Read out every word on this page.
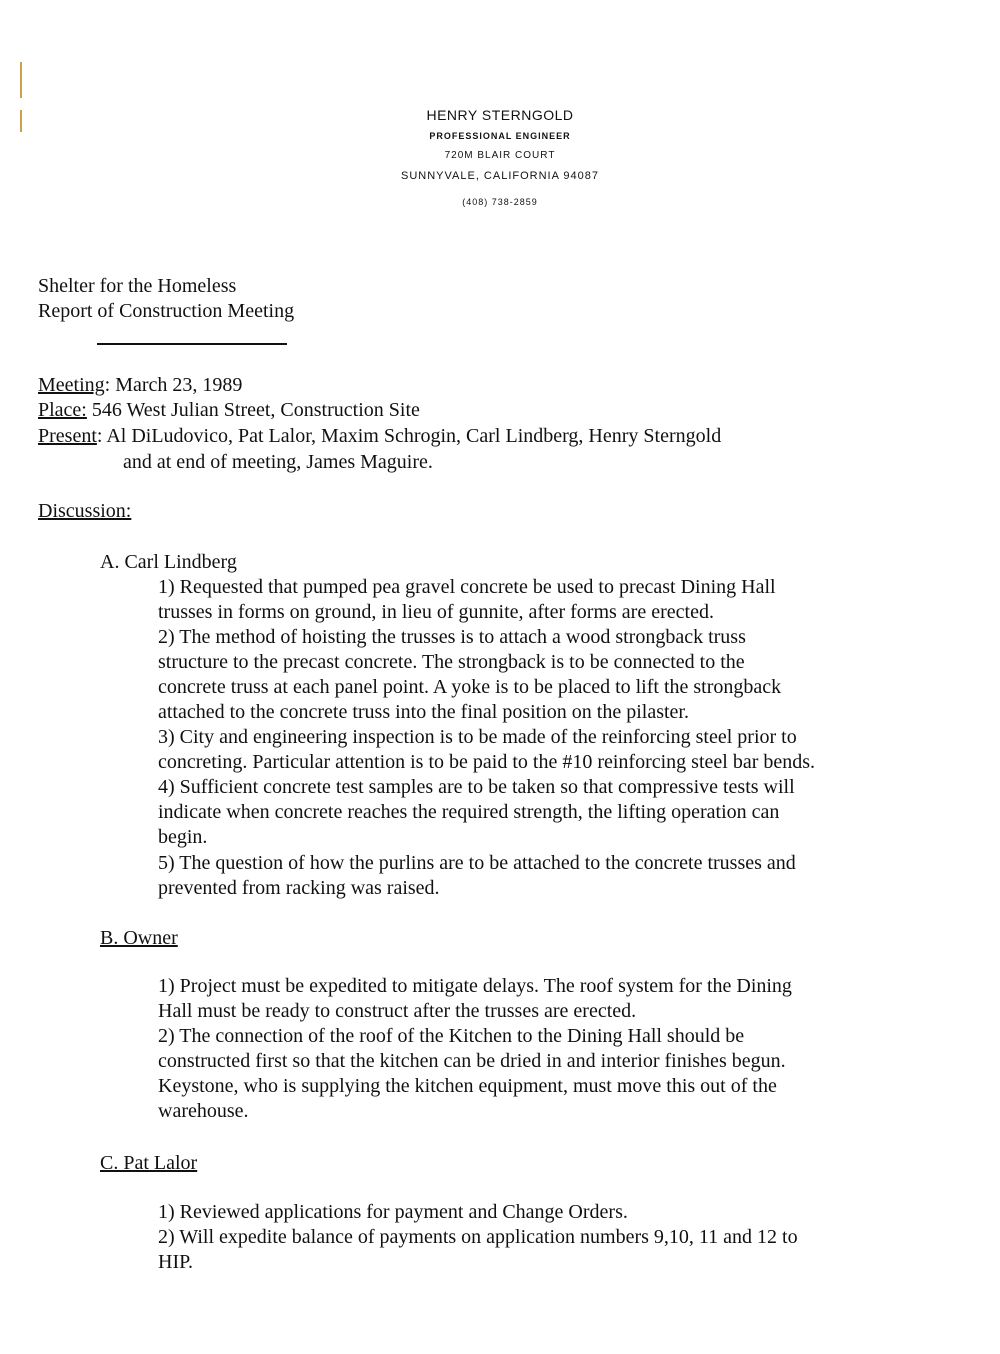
HENRY STERNGOLD
PROFESSIONAL ENGINEER
720M BLAIR COURT
SUNNYVALE, CALIFORNIA 94087
(408) 738-2859
Shelter for the Homeless
Report of Construction Meeting
Meeting: March 23, 1989
Place: 546 West Julian Street, Construction Site
Present: Al DiLudovico, Pat Lalor, Maxim Schrogin, Carl Lindberg, Henry Sterngold
and at end of meeting, James Maguire.
Discussion:
A. Carl Lindberg
1) Requested that pumped pea gravel concrete be used to precast Dining Hall
trusses in forms on ground, in lieu of gunnite, after forms are erected.
2) The method of hoisting the trusses is to attach a wood strongback truss
structure to the precast concrete. The strongback is to be connected to the
concrete truss at each panel point. A yoke is to be placed to lift the strongback
attached to the concrete truss into the final position on the pilaster.
3) City and engineering inspection is to be made of the reinforcing steel prior to
concreting. Particular attention is to be paid to the #10 reinforcing steel bar bends.
4) Sufficient concrete test samples are to be taken so that compressive tests will
indicate when concrete reaches the required strength, the lifting operation can
begin.
5) The question of how the purlins are to be attached to the concrete trusses and
prevented from racking was raised.
B. Owner
1) Project must be expedited to mitigate delays. The roof system for the Dining
Hall must be ready to construct after the trusses are erected.
2) The connection of the roof of the Kitchen to the Dining Hall should be
constructed first so that the kitchen can be dried in and interior finishes begun.
Keystone, who is supplying the kitchen equipment, must move this out of the
warehouse.
C. Pat Lalor
1) Reviewed applications for payment and Change Orders.
2) Will expedite balance of payments on application numbers 9,10, 11 and 12 to
HIP.
